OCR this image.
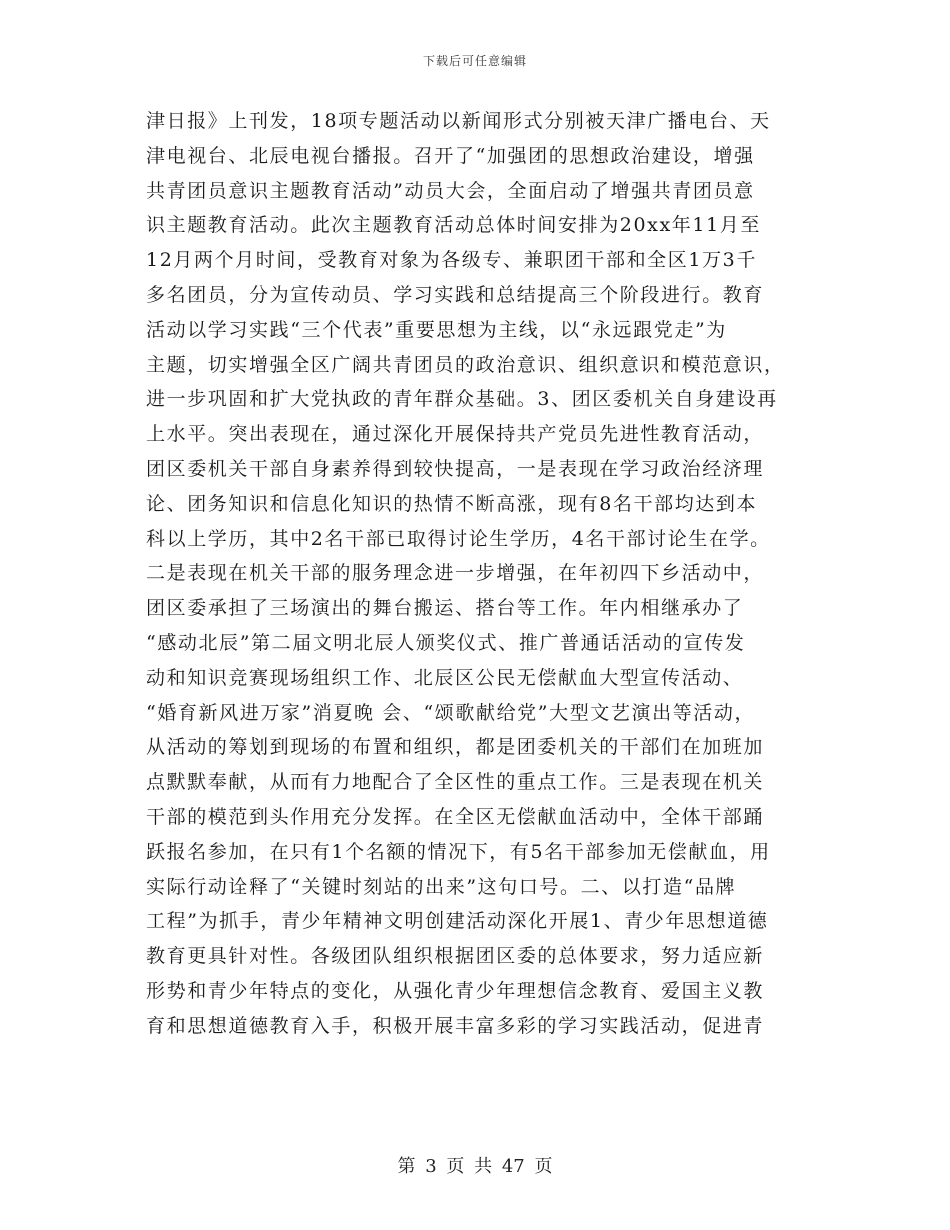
下载后可任意编辑
津日报》上刊发，18项专题活动以新闻形式分别被天津广播电台、天
津电视台、北辰电视台播报。召开了“加强团的思想政治建设，增强
共青团员意识主题教育活动”动员大会，全面启动了增强共青团员意
识主题教育活动。此次主题教育活动总体时间安排为20xx年11月至
12月两个月时间，受教育对象为各级专、兼职团干部和全区1万3千
多名团员，分为宣传动员、学习实践和总结提高三个阶段进行。教育
活动以学习实践“三个代表”重要思想为主线，以“永远跟党走”为
主题，切实增强全区广阔共青团员的政治意识、组织意识和模范意识，
进一步巩固和扩大党执政的青年群众基础。3、团区委机关自身建设再
上水平。突出表现在，通过深化开展保持共产党员先进性教育活动，
团区委机关干部自身素养得到较快提高，一是表现在学习政治经济理
论、团务知识和信息化知识的热情不断高涨，现有8名干部均达到本
科以上学历，其中2名干部已取得讨论生学历，4名干部讨论生在学。
二是表现在机关干部的服务理念进一步增强，在年初四下乡活动中，
团区委承担了三场演出的舞台搬运、搭台等工作。年内相继承办了
“感动北辰”第二届文明北辰人颁奖仪式、推广普通话活动的宣传发
动和知识竞赛现场组织工作、北辰区公民无偿献血大型宣传活动、
“婚育新风进万家”消夏晚 会、“颂歌献给党”大型文艺演出等活动，
从活动的筹划到现场的布置和组织，都是团委机关的干部们在加班加
点默默奉献，从而有力地配合了全区性的重点工作。三是表现在机关
干部的模范到头作用充分发挥。在全区无偿献血活动中，全体干部踊
跃报名参加，在只有1个名额的情况下，有5名干部参加无偿献血，用
实际行动诠释了“关键时刻站的出来”这句口号。二、以打造“品牌
工程”为抓手，青少年精神文明创建活动深化开展1、青少年思想道德
教育更具针对性。各级团队组织根据团区委的总体要求，努力适应新
形势和青少年特点的变化，从强化青少年理想信念教育、爱国主义教
育和思想道德教育入手，积极开展丰富多彩的学习实践活动，促进青
第 3 页 共 47 页
